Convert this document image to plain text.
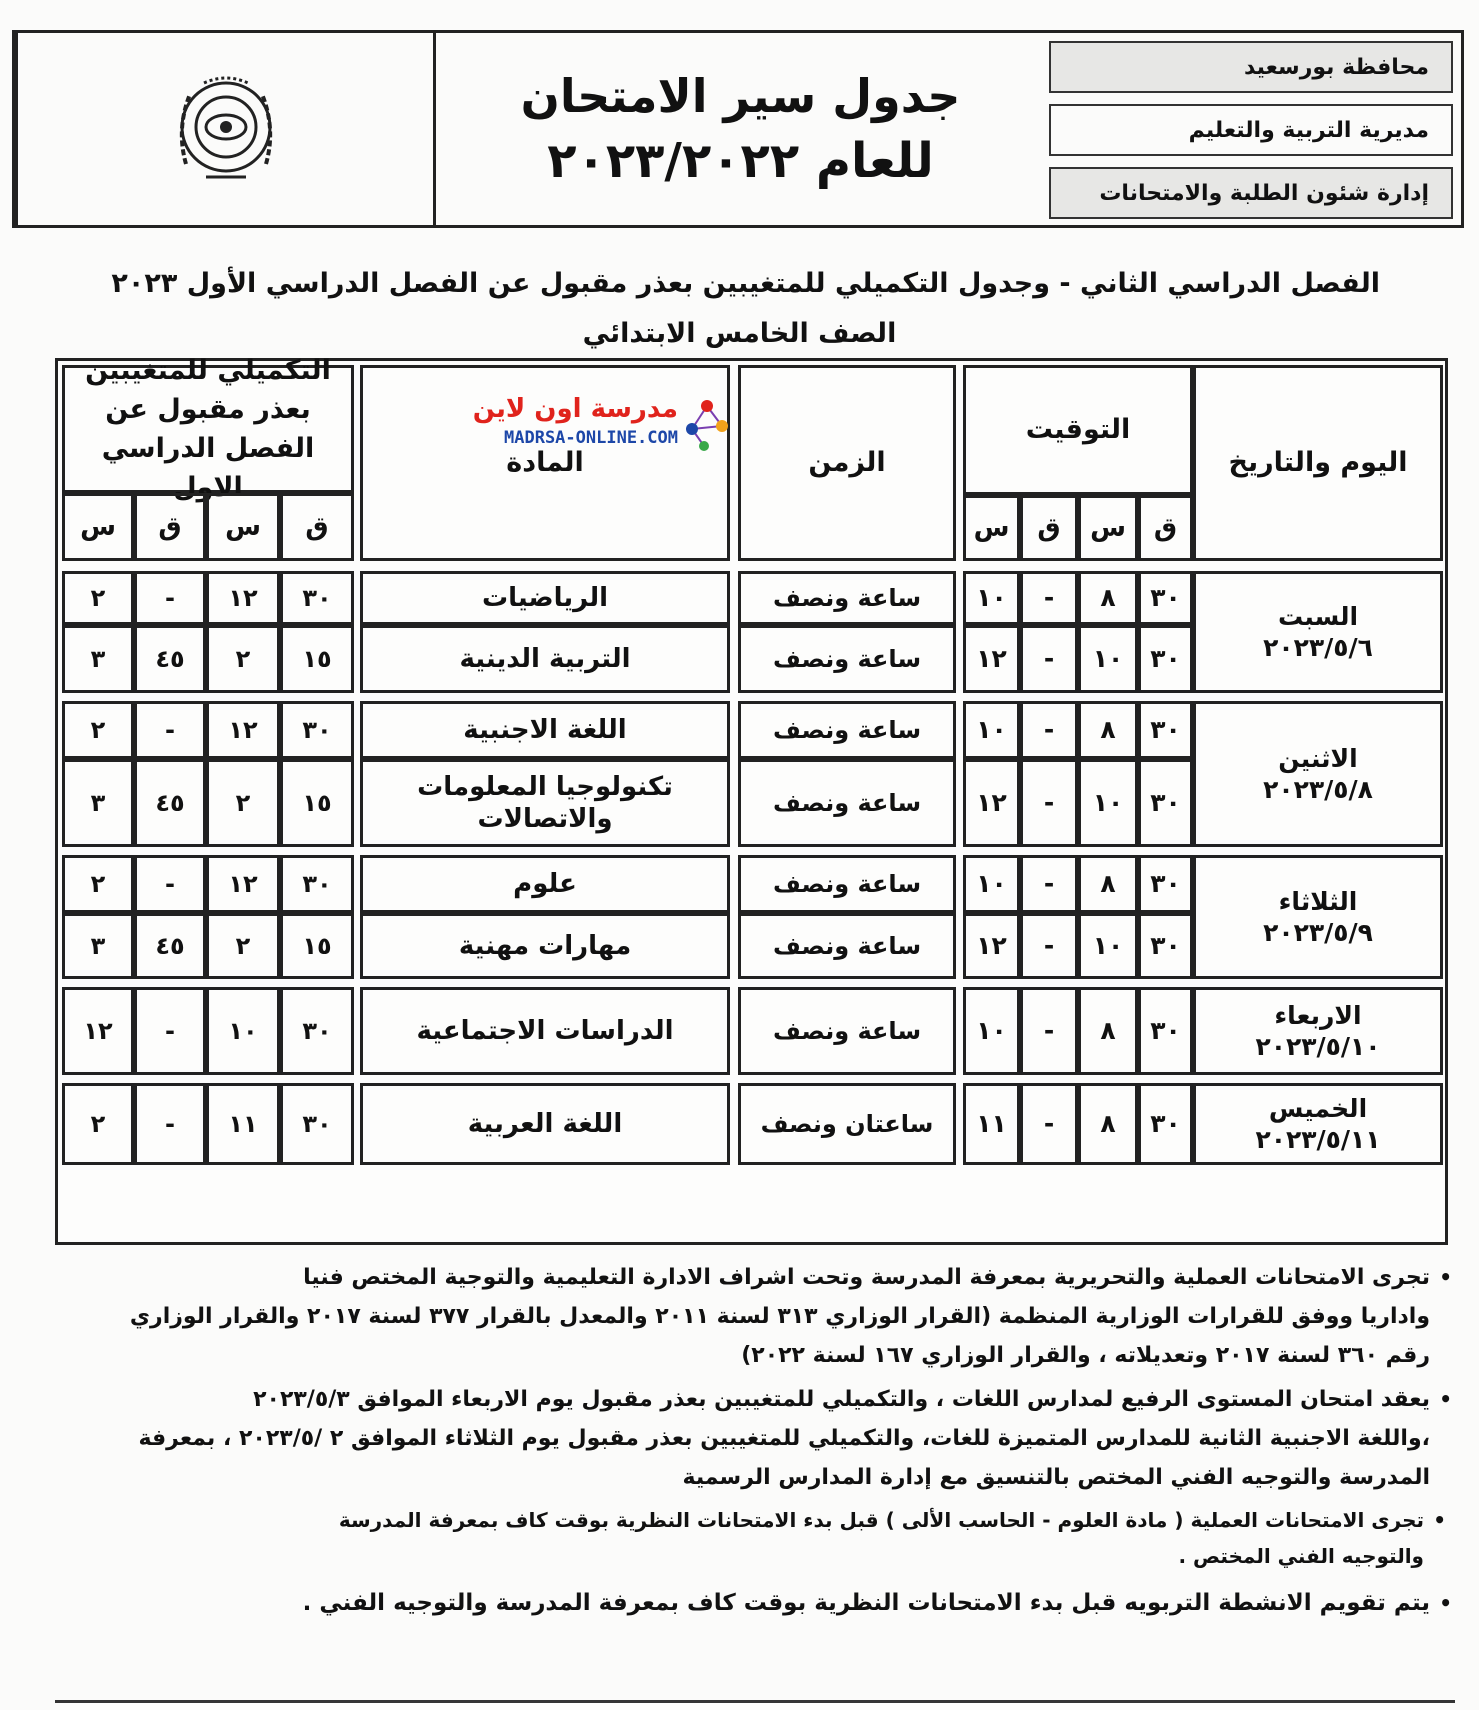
جدول سير الامتحان
للعام ٢٠٢٣/٢٠٢٢
محافظة بورسعيد
مديرية التربية والتعليم
إدارة شئون الطلبة والامتحانات
الفصل الدراسي الثاني - وجدول التكميلي للمتغيبين بعذر مقبول عن الفصل الدراسي الأول ٢٠٢٣
الصف الخامس الابتدائي
اليوم والتاريخ
التوقيت
ق
س
ق
س
الزمن
المادة
التكميلي للمتغيبين بعذر مقبول عن الفصل الدراسي الاول
ق
س
ق
س
السبت
٢٠٢٣/٥/٦
٣٠
٨
-
١٠
ساعة ونصف
الرياضيات
٣٠
١٢
-
٢
٣٠
١٠
-
١٢
ساعة ونصف
التربية الدينية
١٥
٢
٤٥
٣
الاثنين
٢٠٢٣/٥/٨
٣٠
٨
-
١٠
ساعة ونصف
اللغة الاجنبية
٣٠
١٢
-
٢
٣٠
١٠
-
١٢
ساعة ونصف
تكنولوجيا المعلومات والاتصالات
١٥
٢
٤٥
٣
الثلاثاء
٢٠٢٣/٥/٩
٣٠
٨
-
١٠
ساعة ونصف
علوم
٣٠
١٢
-
٢
٣٠
١٠
-
١٢
ساعة ونصف
مهارات مهنية
١٥
٢
٤٥
٣
الاربعاء
٢٠٢٣/٥/١٠
٣٠
٨
-
١٠
ساعة ونصف
الدراسات الاجتماعية
٣٠
١٠
-
١٢
الخميس
٢٠٢٣/٥/١١
٣٠
٨
-
١١
ساعتان ونصف
اللغة العربية
٣٠
١١
-
٢
مدرسة اون لاين
MADRSA-ONLINE.COM
•تجرى الامتحانات العملية والتحريرية بمعرفة المدرسة وتحت اشراف الادارة التعليمية والتوجية المختص فنيا
واداريا ووفق للقرارات الوزارية المنظمة (القرار الوزاري ٣١٣ لسنة ٢٠١١ والمعدل بالقرار ٣٧٧ لسنة ٢٠١٧ والقرار الوزاري
رقم ٣٦٠ لسنة ٢٠١٧ وتعديلاته ، والقرار الوزاري ١٦٧ لسنة ٢٠٢٢)
•يعقد امتحان المستوى الرفيع لمدارس اللغات ، والتكميلي للمتغيبين بعذر مقبول يوم الاربعاء الموافق ٢٠٢٣/٥/٣
،واللغة الاجنبية الثانية للمدارس المتميزة للغات، والتكميلي للمتغيبين بعذر مقبول يوم الثلاثاء الموافق ٢ /٢٠٢٣/٥ ، بمعرفة
المدرسة والتوجيه الفني المختص بالتنسيق مع إدارة المدارس الرسمية
•تجرى الامتحانات العملية ( مادة العلوم - الحاسب الألى ) قبل بدء الامتحانات النظرية بوقت كاف بمعرفة المدرسة
والتوجيه الفني المختص .
•يتم تقويم الانشطة التربويه قبل بدء الامتحانات النظرية بوقت كاف بمعرفة المدرسة والتوجيه الفني .
